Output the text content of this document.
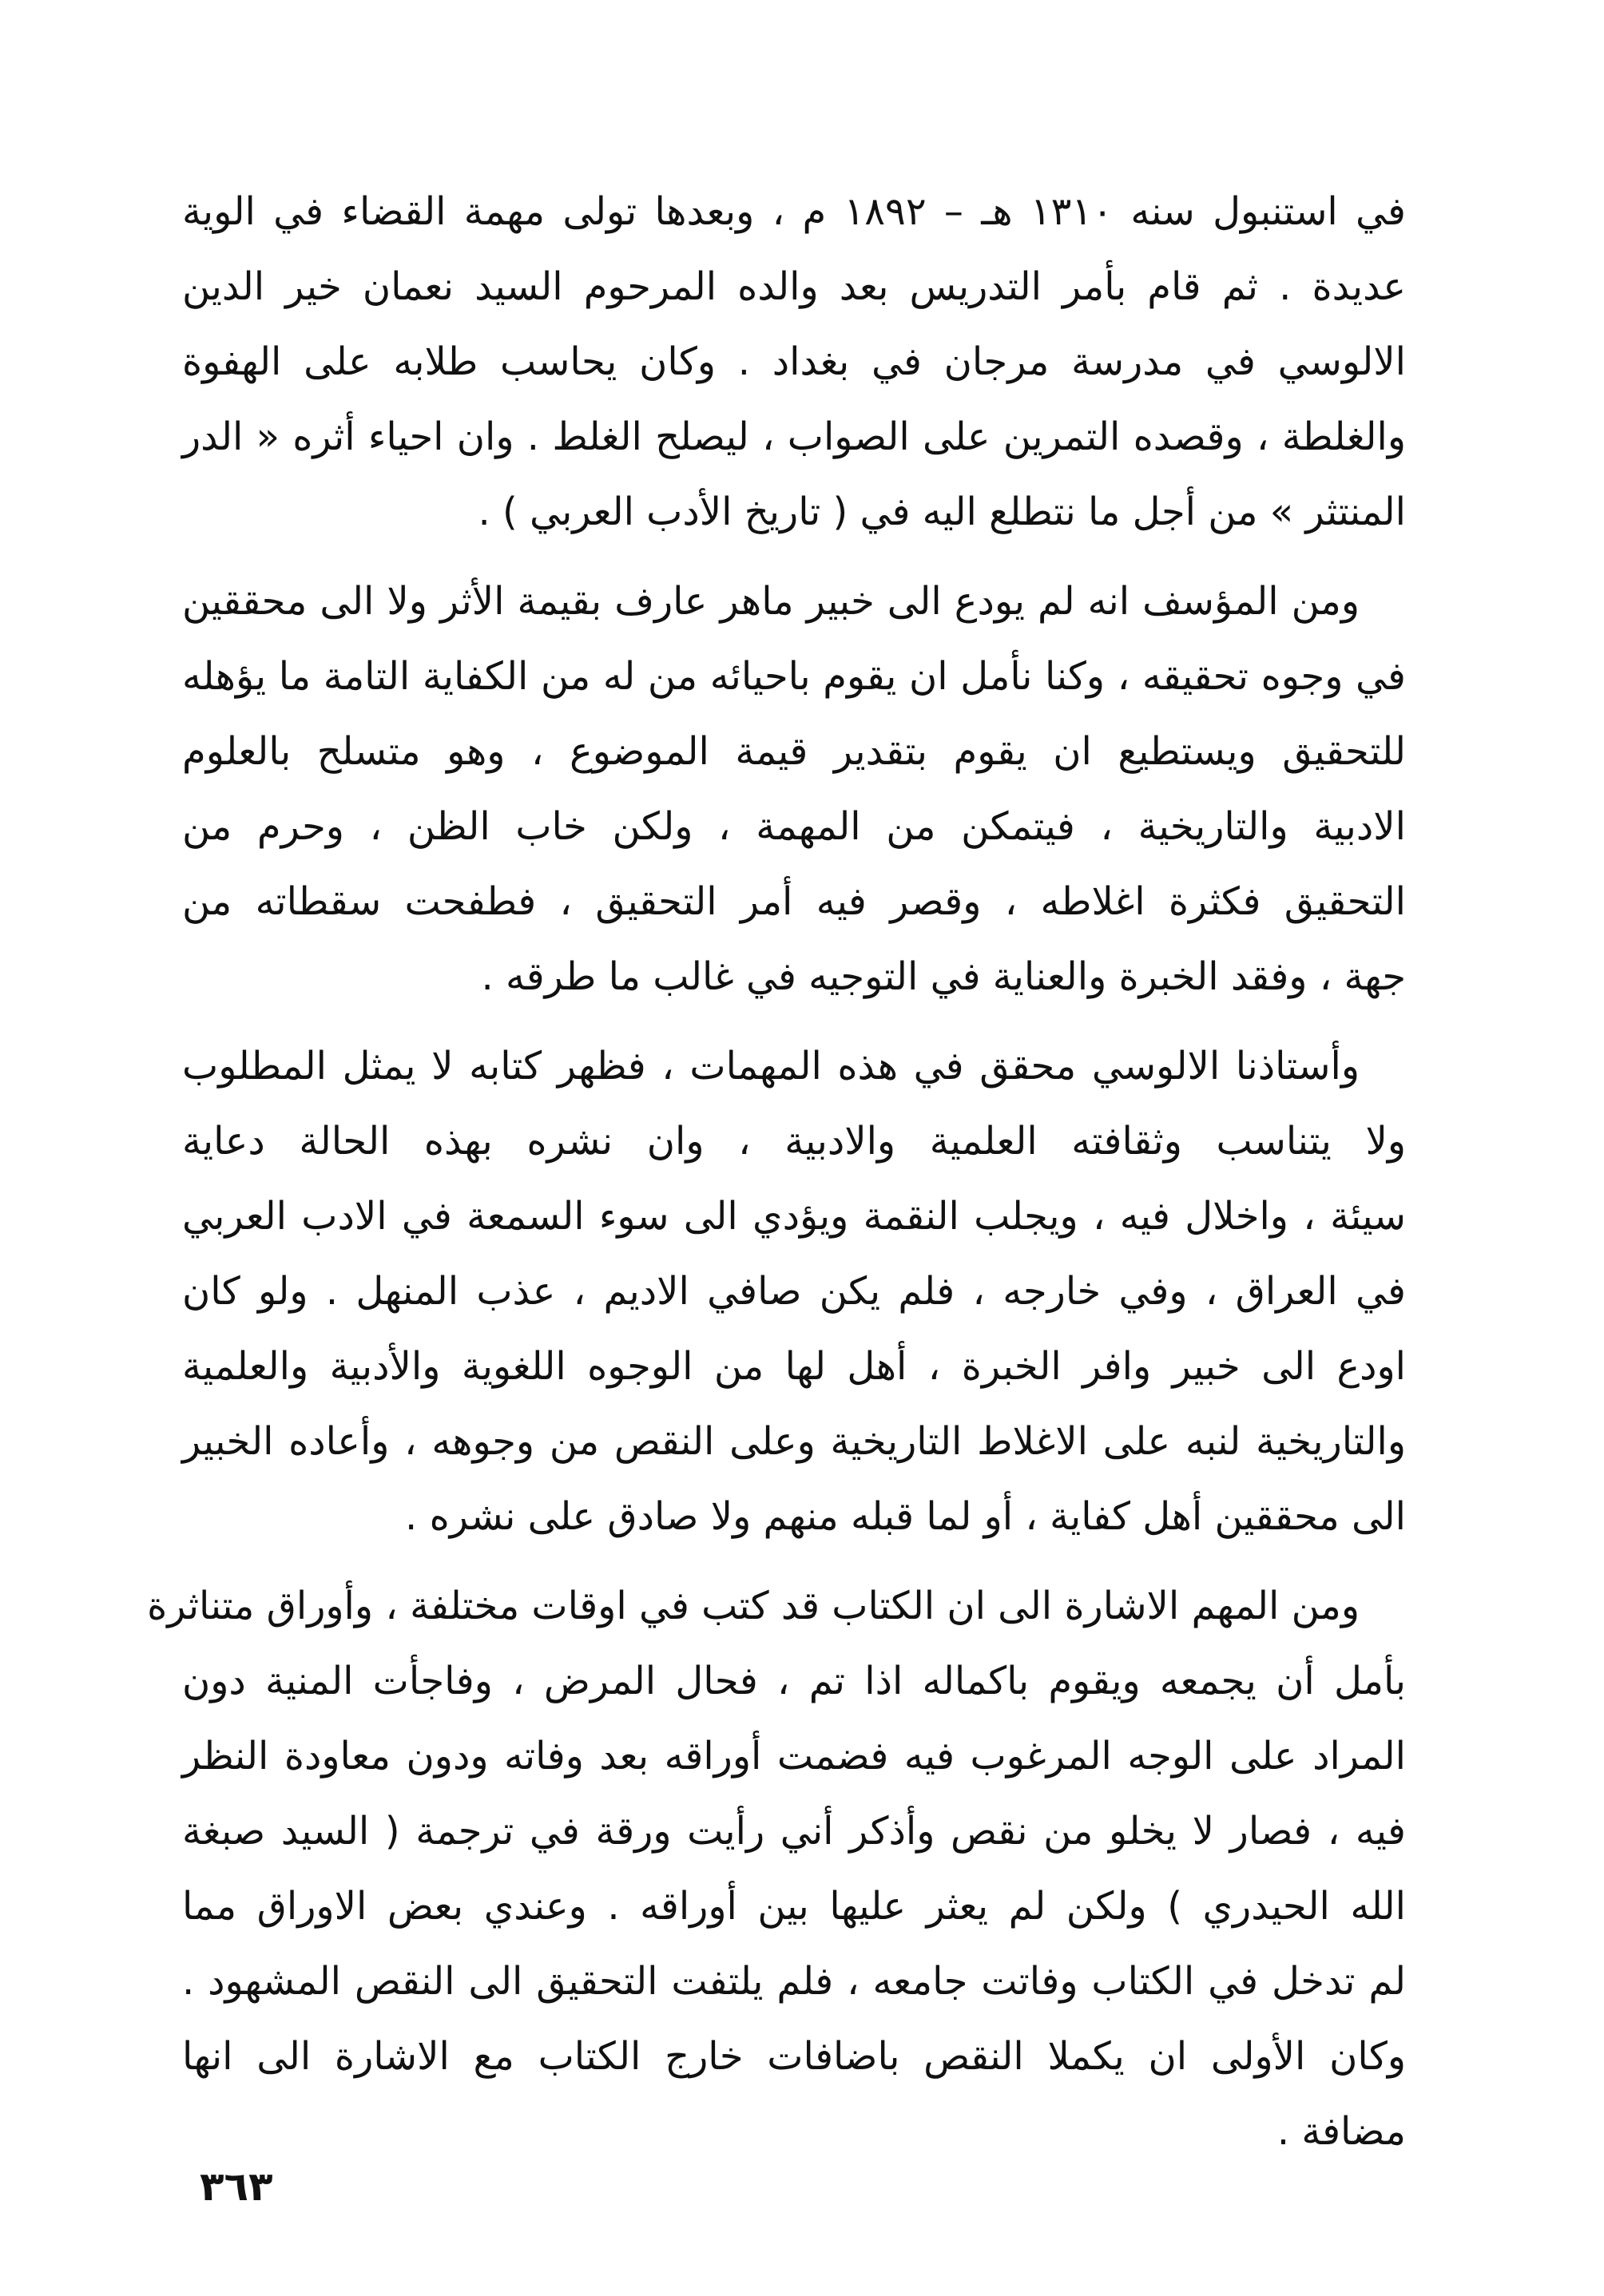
في استنبول سنه ١٣١٠ هـ – ١٨٩٢ م ، وبعدها تولى مهمة القضاء في الوية
عديدة . ثم قام بأمر التدريس بعد والده المرحوم السيد نعمان خير الدين
الالوسي في مدرسة مرجان في بغداد . وكان يحاسب طلابه على الهفوة
والغلطة ، وقصده التمرين على الصواب ، ليصلح الغلط . وان احياء أثره « الدر
المنتثر » من أجل ما نتطلع اليه في ( تاريخ الأدب العربي ) .
ومن المؤسف انه لم يودع الى خبير ماهر عارف بقيمة الأثر ولا الى محققين
في وجوه تحقيقه ، وكنا نأمل ان يقوم باحيائه من له من الكفاية التامة ما يؤهله
للتحقيق ويستطيع ان يقوم بتقدير قيمة الموضوع ، وهو متسلح بالعلوم
الادبية والتاريخية ، فيتمكن من المهمة ، ولكن خاب الظن ، وحرم من
التحقيق فكثرة اغلاطه ، وقصر فيه أمر التحقيق ، فطفحت سقطاته من
جهة ، وفقد الخبرة والعناية في التوجيه في غالب ما طرقه .
وأستاذنا الالوسي محقق في هذه المهمات ، فظهر كتابه لا يمثل المطلوب
ولا يتناسب وثقافته العلمية والادبية ، وان نشره بهذه الحالة دعاية
سيئة ، واخلال فيه ، ويجلب النقمة ويؤدي الى سوء السمعة في الادب العربي
في العراق ، وفي خارجه ، فلم يكن صافي الاديم ، عذب المنهل . ولو كان
اودع الى خبير وافر الخبرة ، أهل لها من الوجوه اللغوية والأدبية والعلمية
والتاريخية لنبه على الاغلاط التاريخية وعلى النقص من وجوهه ، وأعاده الخبير
الى محققين أهل كفاية ، أو لما قبله منهم ولا صادق على نشره .
ومن المهم الاشارة الى ان الكتاب قد كتب في اوقات مختلفة ، وأوراق متناثرة
بأمل أن يجمعه ويقوم باكماله اذا تم ، فحال المرض ، وفاجأت المنية دون
المراد على الوجه المرغوب فيه فضمت أوراقه بعد وفاته ودون معاودة النظر
فيه ، فصار لا يخلو من نقص وأذكر أني رأيت ورقة في ترجمة ( السيد صبغة
الله الحيدري ) ولكن لم يعثر عليها بين أوراقه . وعندي بعض الاوراق مما
لم تدخل في الكتاب وفاتت جامعه ، فلم يلتفت التحقيق الى النقص المشهود .
وكان الأولى ان يكملا النقص باضافات خارج الكتاب مع الاشارة الى انها
مضافة .
٣٦٣
